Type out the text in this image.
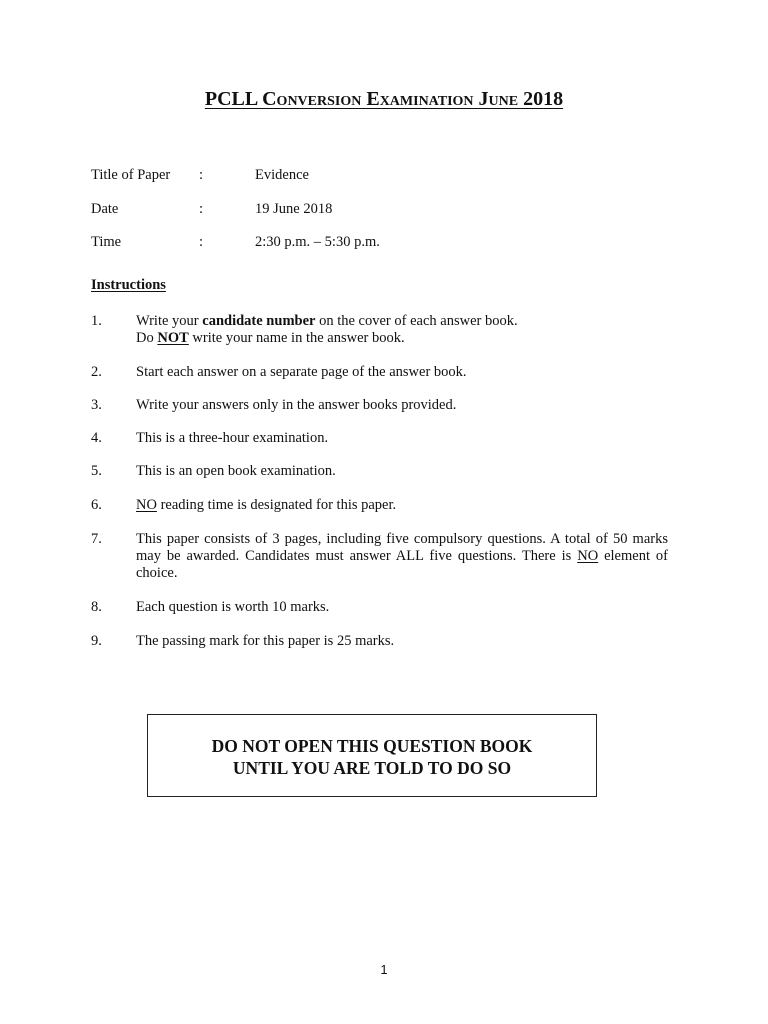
PCLL Conversion Examination June 2018
Title of Paper	:	Evidence
Date	:	19 June 2018
Time	:	2:30 p.m. – 5:30 p.m.
Instructions
1. Write your candidate number on the cover of each answer book.
Do NOT write your name in the answer book.
2. Start each answer on a separate page of the answer book.
3. Write your answers only in the answer books provided.
4. This is a three-hour examination.
5. This is an open book examination.
6. NO reading time is designated for this paper.
7. This paper consists of 3 pages, including five compulsory questions. A total of 50 marks may be awarded. Candidates must answer ALL five questions. There is NO element of choice.
8. Each question is worth 10 marks.
9. The passing mark for this paper is 25 marks.
DO NOT OPEN THIS QUESTION BOOK
UNTIL YOU ARE TOLD TO DO SO
1
